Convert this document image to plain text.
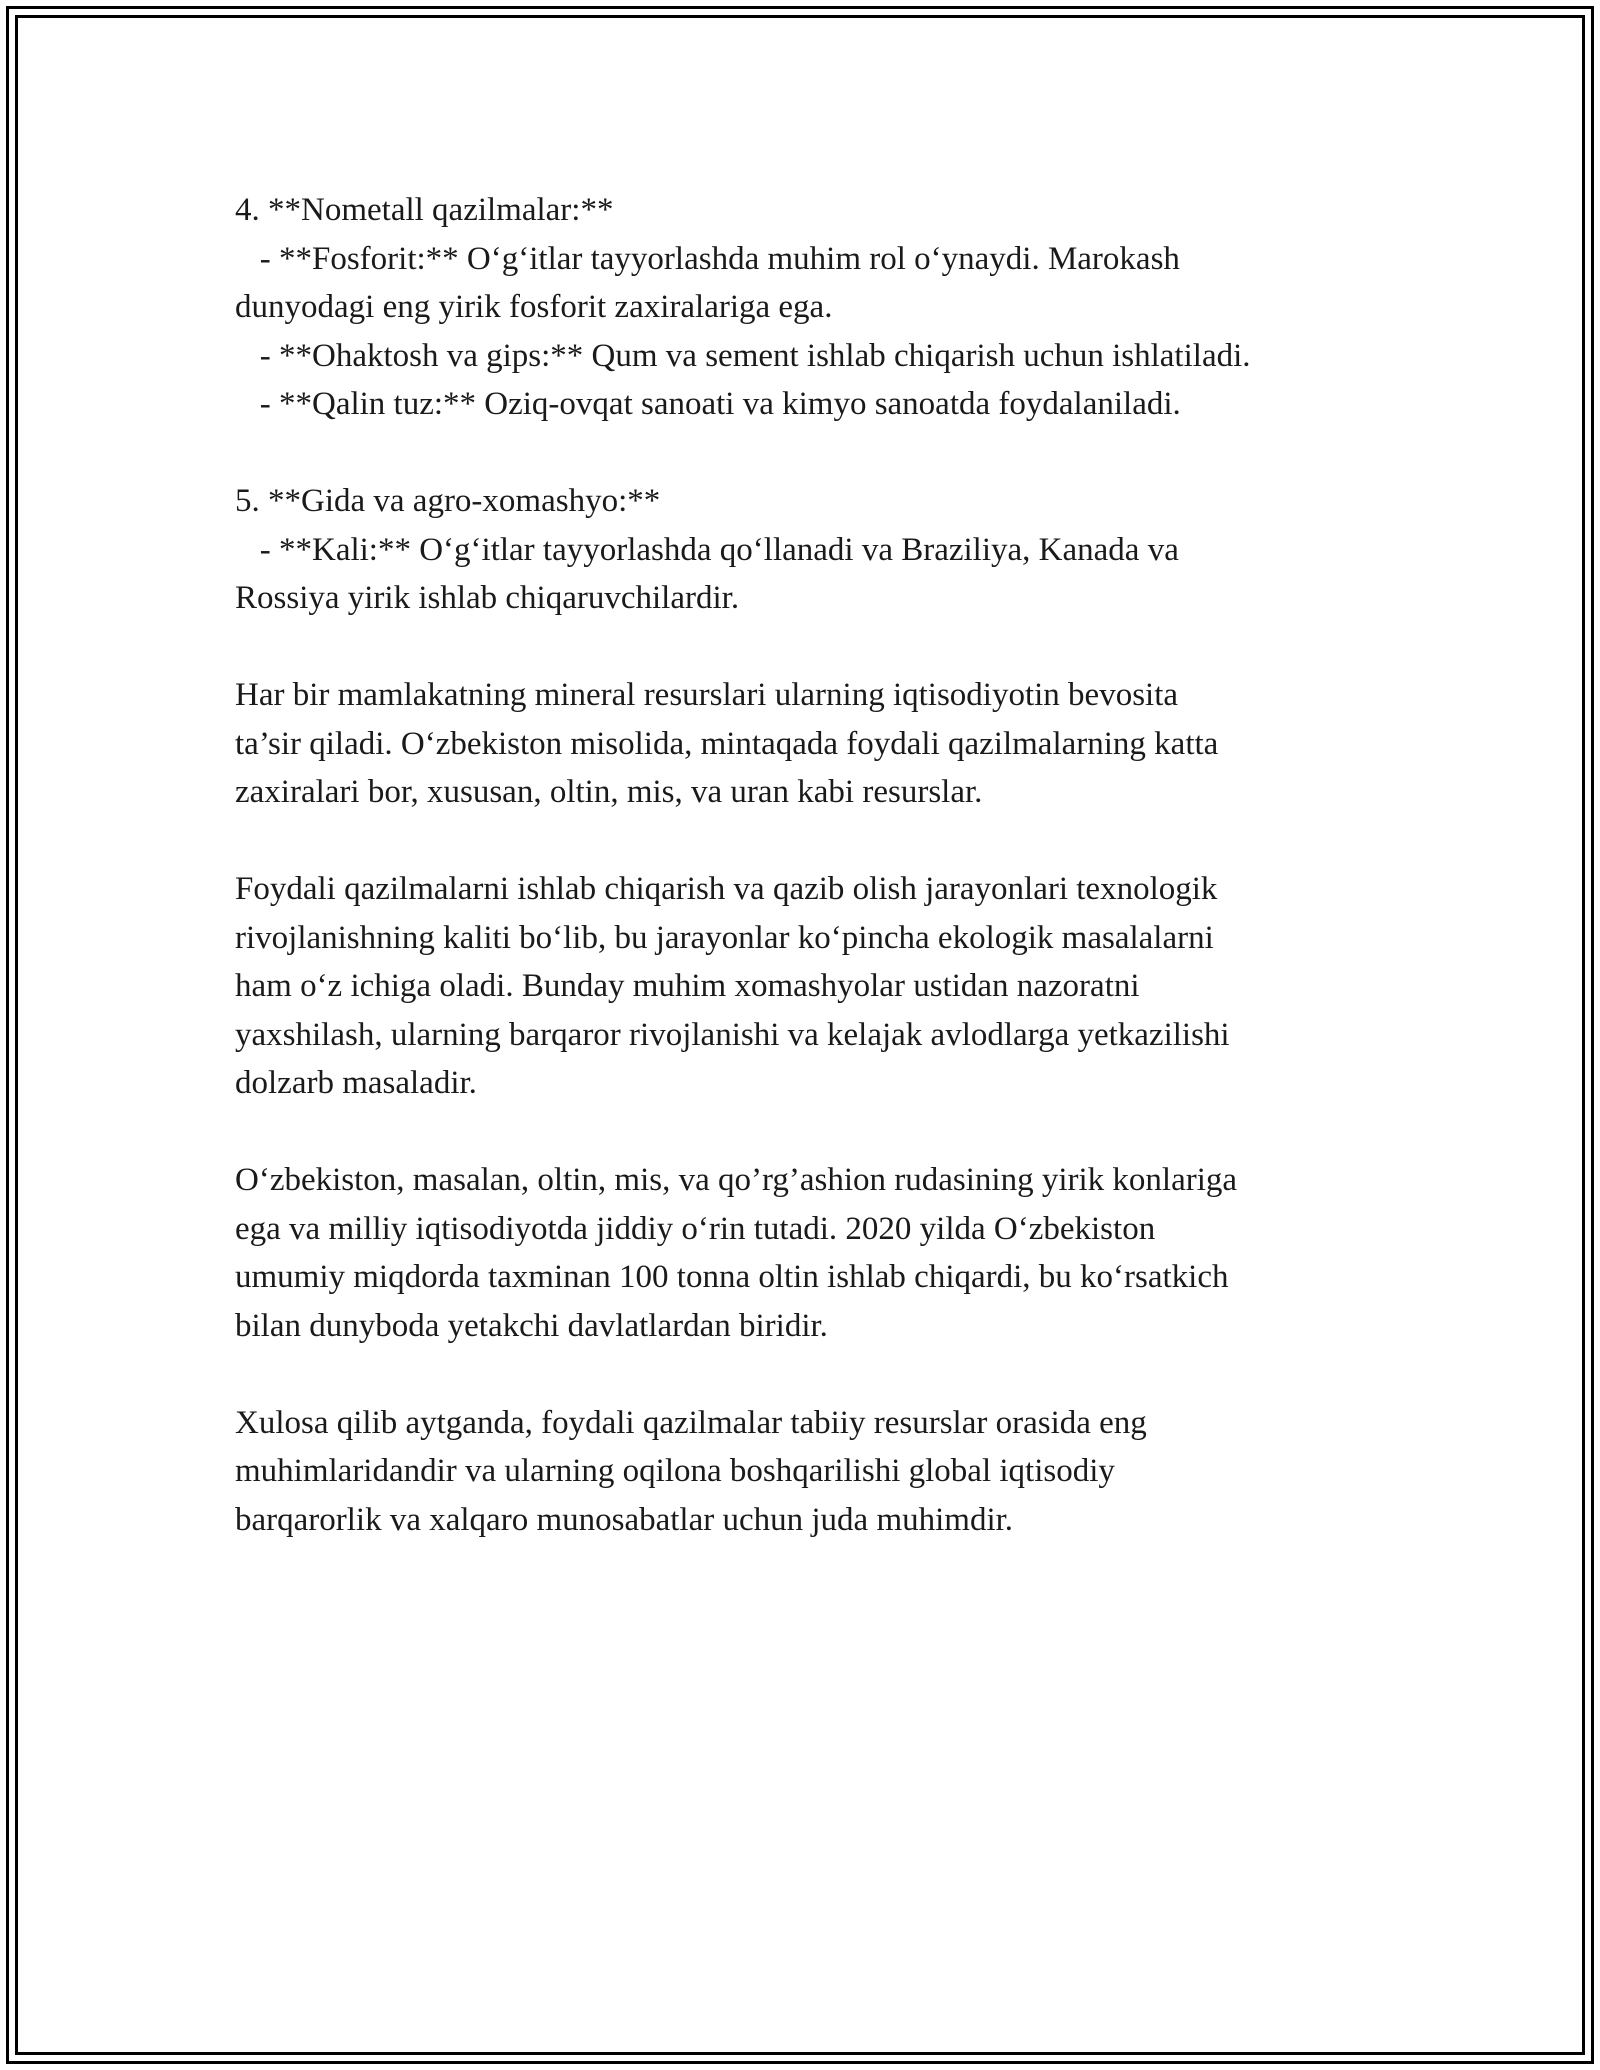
4. **Nometall qazilmalar:**
- **Fosforit:** O‘g‘itlar tayyorlashda muhim rol o‘ynaydi. Marokash
dunyodagi eng yirik fosforit zaxiralariga ega.
- **Ohaktosh va gips:** Qum va sement ishlab chiqarish uchun ishlatiladi.
- **Qalin tuz:** Oziq-ovqat sanoati va kimyo sanoatda foydalaniladi.
5. **Gida va agro-xomashyo:**
- **Kali:** O‘g‘itlar tayyorlashda qo‘llanadi va Braziliya, Kanada va
Rossiya yirik ishlab chiqaruvchilardir.
Har bir mamlakatning mineral resurslari ularning iqtisodiyotin bevosita
ta’sir qiladi. O‘zbekiston misolida, mintaqada foydali qazilmalarning katta
zaxiralari bor, xususan, oltin, mis, va uran kabi resurslar.
Foydali qazilmalarni ishlab chiqarish va qazib olish jarayonlari texnologik
rivojlanishning kaliti bo‘lib, bu jarayonlar ko‘pincha ekologik masalalarni
ham o‘z ichiga oladi. Bunday muhim xomashyolar ustidan nazoratni
yaxshilash, ularning barqaror rivojlanishi va kelajak avlodlarga yetkazilishi
dolzarb masaladir.
O‘zbekiston, masalan, oltin, mis, va qo’rg’ashion rudasining yirik konlariga
ega va milliy iqtisodiyotda jiddiy o‘rin tutadi. 2020 yilda O‘zbekiston
umumiy miqdorda taxminan 100 tonna oltin ishlab chiqardi, bu ko‘rsatkich
bilan dunyboda yetakchi davlatlardan biridir.
Xulosa qilib aytganda, foydali qazilmalar tabiiy resurslar orasida eng
muhimlaridandir va ularning oqilona boshqarilishi global iqtisodiy
barqarorlik va xalqaro munosabatlar uchun juda muhimdir.
